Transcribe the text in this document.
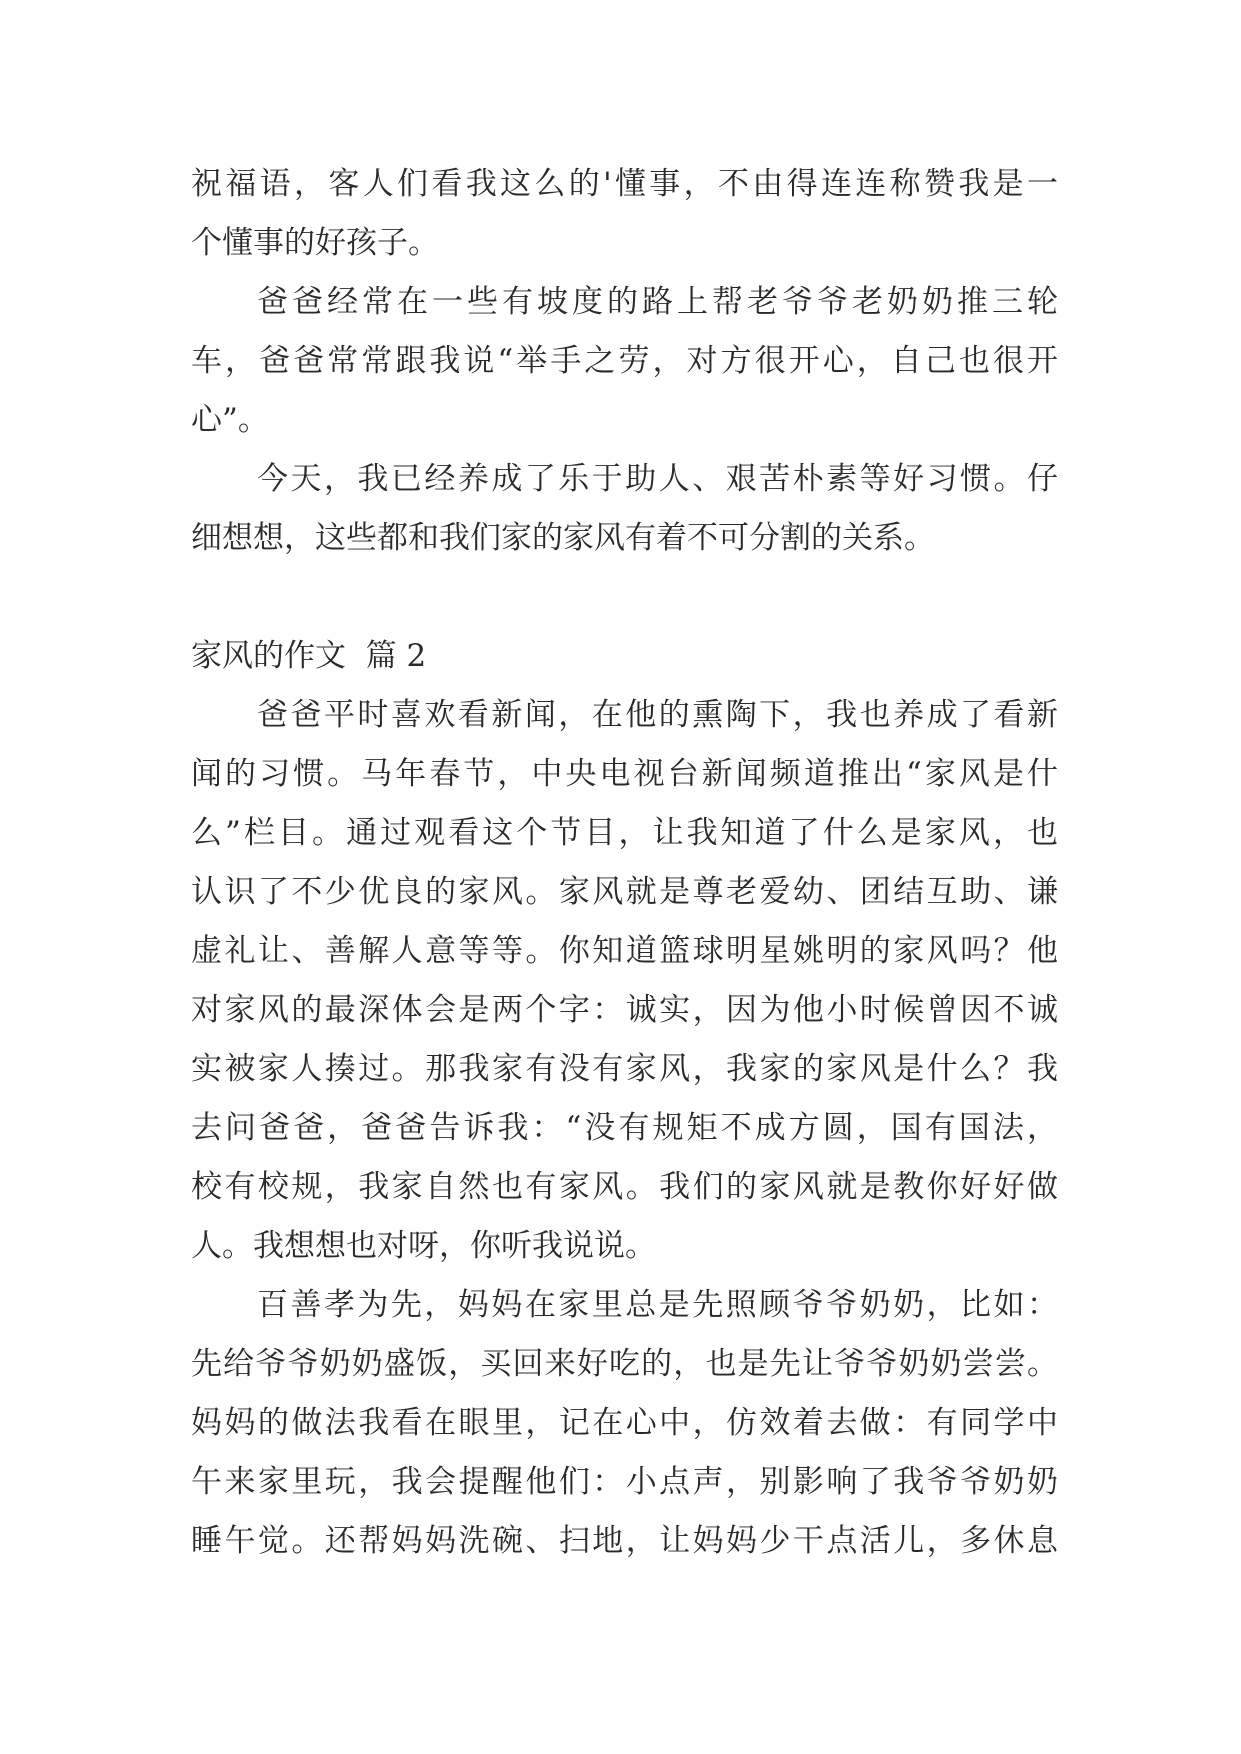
祝福语，客人们看我这么的'懂事，不由得连连称赞我是一
个懂事的好孩子。
爸爸经常在一些有坡度的路上帮老爷爷老奶奶推三轮
车，爸爸常常跟我说“举手之劳，对方很开心，自己也很开
心”。
今天，我已经养成了乐于助人、艰苦朴素等好习惯。仔
细想想，这些都和我们家的家风有着不可分割的关系。
家风的作文  篇 2
爸爸平时喜欢看新闻，在他的熏陶下，我也养成了看新
闻的习惯。马年春节，中央电视台新闻频道推出“家风是什
么”栏目。通过观看这个节目，让我知道了什么是家风，也
认识了不少优良的家风。家风就是尊老爱幼、团结互助、谦
虚礼让、善解人意等等。你知道篮球明星姚明的家风吗？他
对家风的最深体会是两个字：诚实，因为他小时候曾因不诚
实被家人揍过。那我家有没有家风，我家的家风是什么？我
去问爸爸，爸爸告诉我：“没有规矩不成方圆，国有国法，
校有校规，我家自然也有家风。我们的家风就是教你好好做
人。我想想也对呀，你听我说说。
百善孝为先，妈妈在家里总是先照顾爷爷奶奶，比如：
先给爷爷奶奶盛饭，买回来好吃的，也是先让爷爷奶奶尝尝。
妈妈的做法我看在眼里，记在心中，仿效着去做：有同学中
午来家里玩，我会提醒他们：小点声，别影响了我爷爷奶奶
睡午觉。还帮妈妈洗碗、扫地，让妈妈少干点活儿，多休息
